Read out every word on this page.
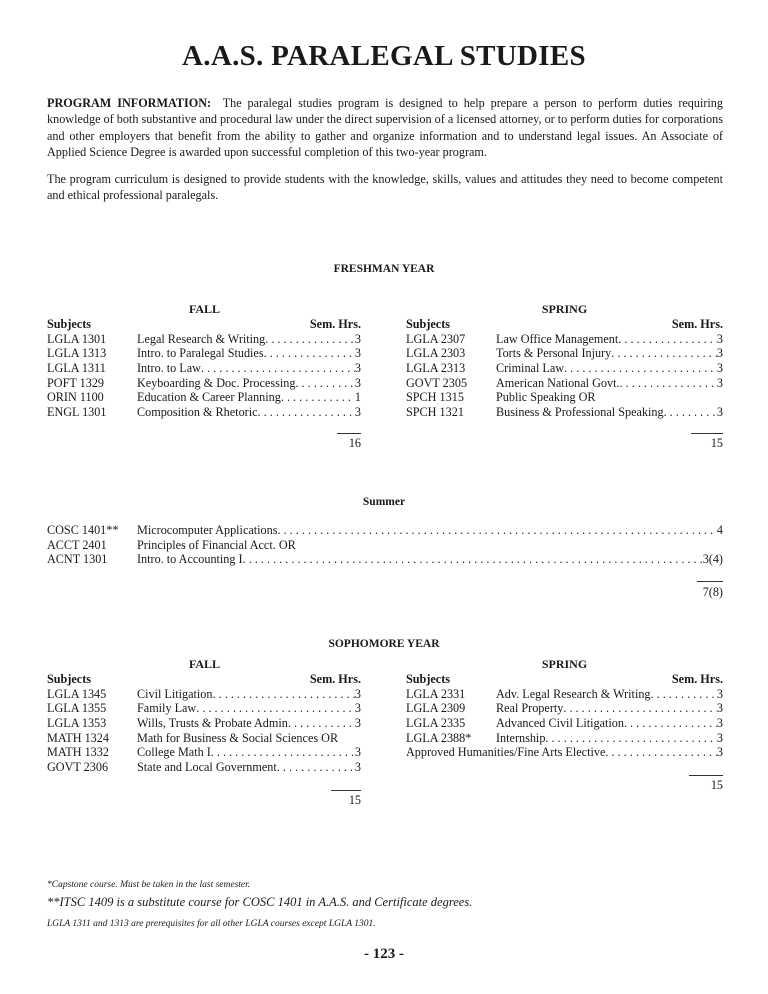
A.A.S. PARALEGAL STUDIES
PROGRAM INFORMATION: The paralegal studies program is designed to help prepare a person to perform duties requiring knowledge of both substantive and procedural law under the direct supervision of a licensed attorney, or to perform duties for corporations and other employers that benefit from the ability to gather and organize information and to understand legal issues. An Associate of Applied Science Degree is awarded upon successful completion of this two-year program.
The program curriculum is designed to provide students with the knowledge, skills, values and attitudes they need to become competent and ethical professional paralegals.
FRESHMAN YEAR
FALL
Subjects	Sem. Hrs.
LGLA 1301	Legal Research & Writing . . .	3
LGLA 1313	Intro. to Paralegal Studies . . .	3
LGLA 1311	Intro. to Law . . .	3
POFT 1329	Keyboarding & Doc. Processing . . .	3
ORIN 1100	Education & Career Planning . . .	1
ENGL 1301	Composition & Rhetoric . . .	3
16
SPRING
Subjects	Sem. Hrs.
LGLA 2307	Law Office Management . . .	3
LGLA 2303	Torts & Personal Injury . . .	3
LGLA 2313	Criminal Law . . .	3
GOVT 2305	American National Govt. . . .	3
SPCH 1315	Public Speaking OR
SPCH 1321	Business & Professional Speaking . . .	3
15
Summer
COSC 1401**	Microcomputer Applications . . .	4
ACCT 2401	Principles of Financial Acct. OR
ACNT 1301	Intro. to Accounting I . . .	3(4)
7(8)
SOPHOMORE YEAR
FALL
Subjects	Sem. Hrs.
LGLA 1345	Civil Litigation . . .	3
LGLA 1355	Family Law . . .	3
LGLA 1353	Wills, Trusts & Probate Admin . . .	3
MATH 1324	Math for Business & Social Sciences OR
MATH 1332	College Math I . . .	3
GOVT 2306	State and Local Government . . .	3
15
SPRING
Subjects	Sem. Hrs.
LGLA 2331	Adv. Legal Research & Writing . . .	3
LGLA 2309	Real Property . . .	3
LGLA 2335	Advanced Civil Litigation . . .	3
LGLA 2388*	Internship . . .	3
Approved Humanities/Fine Arts Elective . . .	3
15
*Capstone course. Must be taken in the last semester.
**ITSC 1409 is a substitute course for COSC 1401 in A.A.S. and Certificate degrees.
LGLA 1311 and 1313 are prerequisites for all other LGLA courses except LGLA 1301.
- 123 -
